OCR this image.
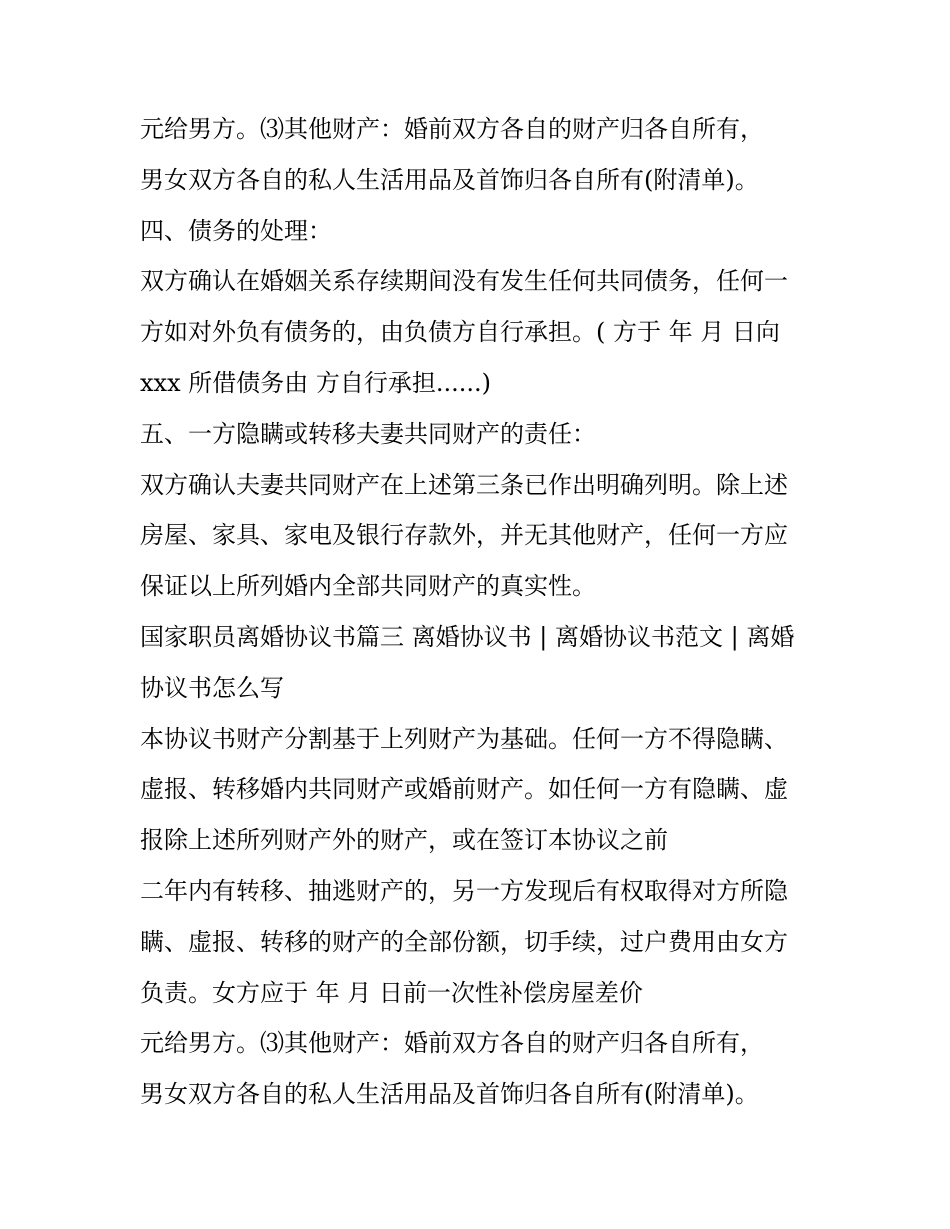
元给男方。⑶其他财产：婚前双方各自的财产归各自所有，
男女双方各自的私人生活用品及首饰归各自所有(附清单)。
四、债务的处理：
双方确认在婚姻关系存续期间没有发生任何共同债务，任何一
方如对外负有债务的，由负债方自行承担。( 方于 年 月 日向
xxx 所借债务由 方自行承担......)
五、一方隐瞒或转移夫妻共同财产的责任：
双方确认夫妻共同财产在上述第三条已作出明确列明。除上述
房屋、家具、家电及银行存款外，并无其他财产，任何一方应
保证以上所列婚内全部共同财产的真实性。
国家职员离婚协议书篇三 离婚协议书 | 离婚协议书范文 | 离婚
协议书怎么写
本协议书财产分割基于上列财产为基础。任何一方不得隐瞒、
虚报、转移婚内共同财产或婚前财产。如任何一方有隐瞒、虚
报除上述所列财产外的财产，或在签订本协议之前
二年内有转移、抽逃财产的，另一方发现后有权取得对方所隐
瞒、虚报、转移的财产的全部份额，切手续，过户费用由女方
负责。女方应于 年 月 日前一次性补偿房屋差价
元给男方。⑶其他财产：婚前双方各自的财产归各自所有，
男女双方各自的私人生活用品及首饰归各自所有(附清单)。
